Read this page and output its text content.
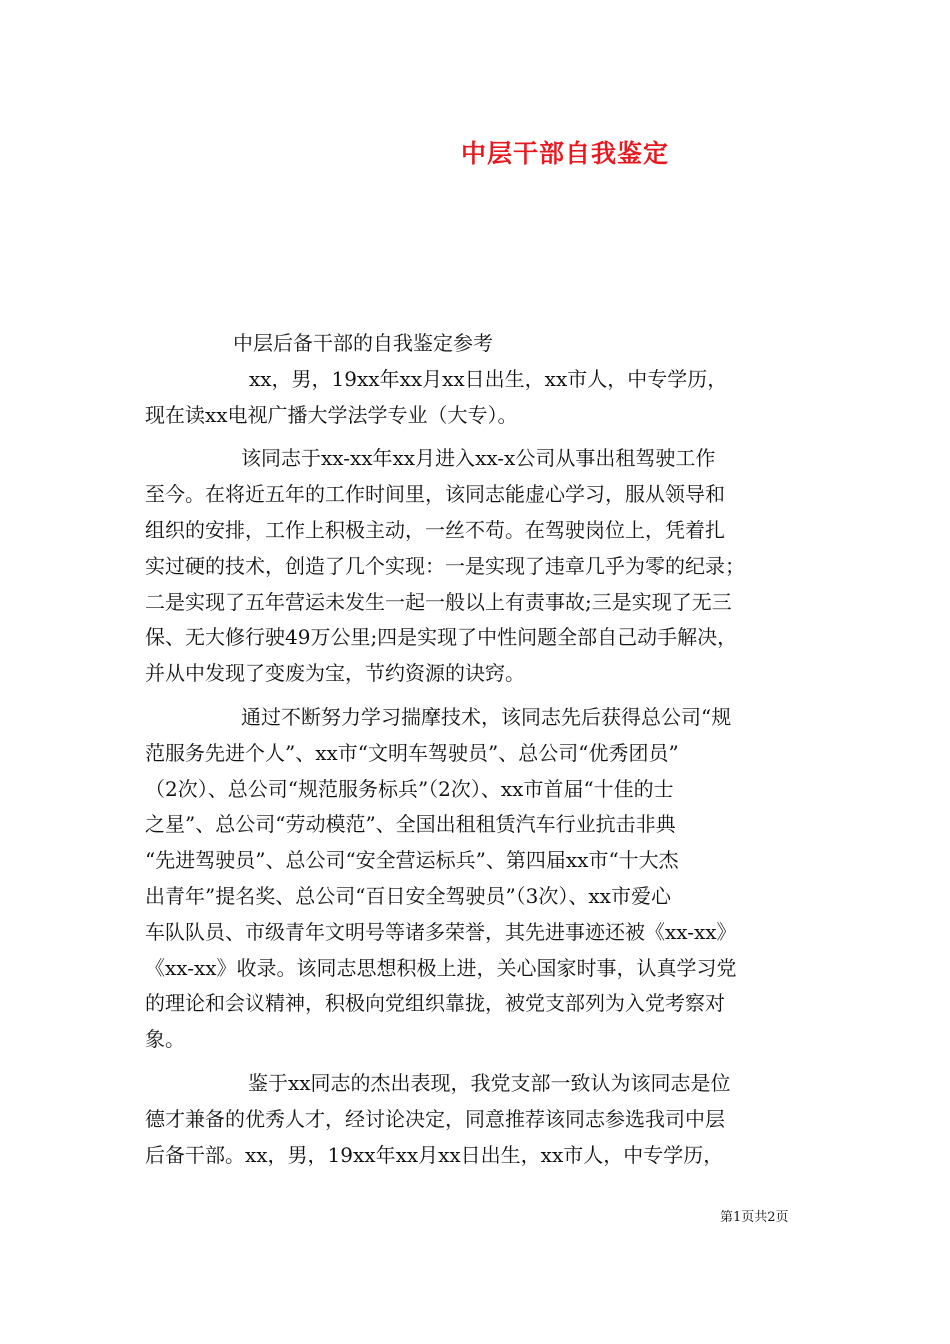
中层干部自我鉴定
中层后备干部的自我鉴定参考
xx，男，19xx年xx月xx日出生，xx市人，中专学历，
现在读xx电视广播大学法学专业（大专）。
该同志于xx-xx年xx月进入xx-x公司从事出租驾驶工作
至今。在将近五年的工作时间里，该同志能虚心学习，服从领导和
组织的安排，工作上积极主动，一丝不苟。在驾驶岗位上，凭着扎
实过硬的技术，创造了几个实现：一是实现了违章几乎为零的纪录；
二是实现了五年营运未发生一起一般以上有责事故;三是实现了无三
保、无大修行驶49万公里;四是实现了中性问题全部自己动手解决，
并从中发现了变废为宝，节约资源的诀窍。
通过不断努力学习揣摩技术，该同志先后获得总公司“规
范服务先进个人”、xx市“文明车驾驶员”、总公司“优秀团员”
（2次）、总公司“规范服务标兵”（2次）、xx市首届“十佳的士
之星”、总公司“劳动模范”、全国出租租赁汽车行业抗击非典
“先进驾驶员”、总公司“安全营运标兵”、第四届xx市“十大杰
出青年”提名奖、总公司“百日安全驾驶员”（3次）、xx市爱心
车队队员、市级青年文明号等诸多荣誉，其先进事迹还被《xx-xx》
《xx-xx》收录。该同志思想积极上进，关心国家时事，认真学习党
的理论和会议精神，积极向党组织靠拢，被党支部列为入党考察对
象。
鉴于xx同志的杰出表现，我党支部一致认为该同志是位
德才兼备的优秀人才，经讨论决定，同意推荐该同志参选我司中层
后备干部。xx，男，19xx年xx月xx日出生，xx市人，中专学历，
第1页共2页
